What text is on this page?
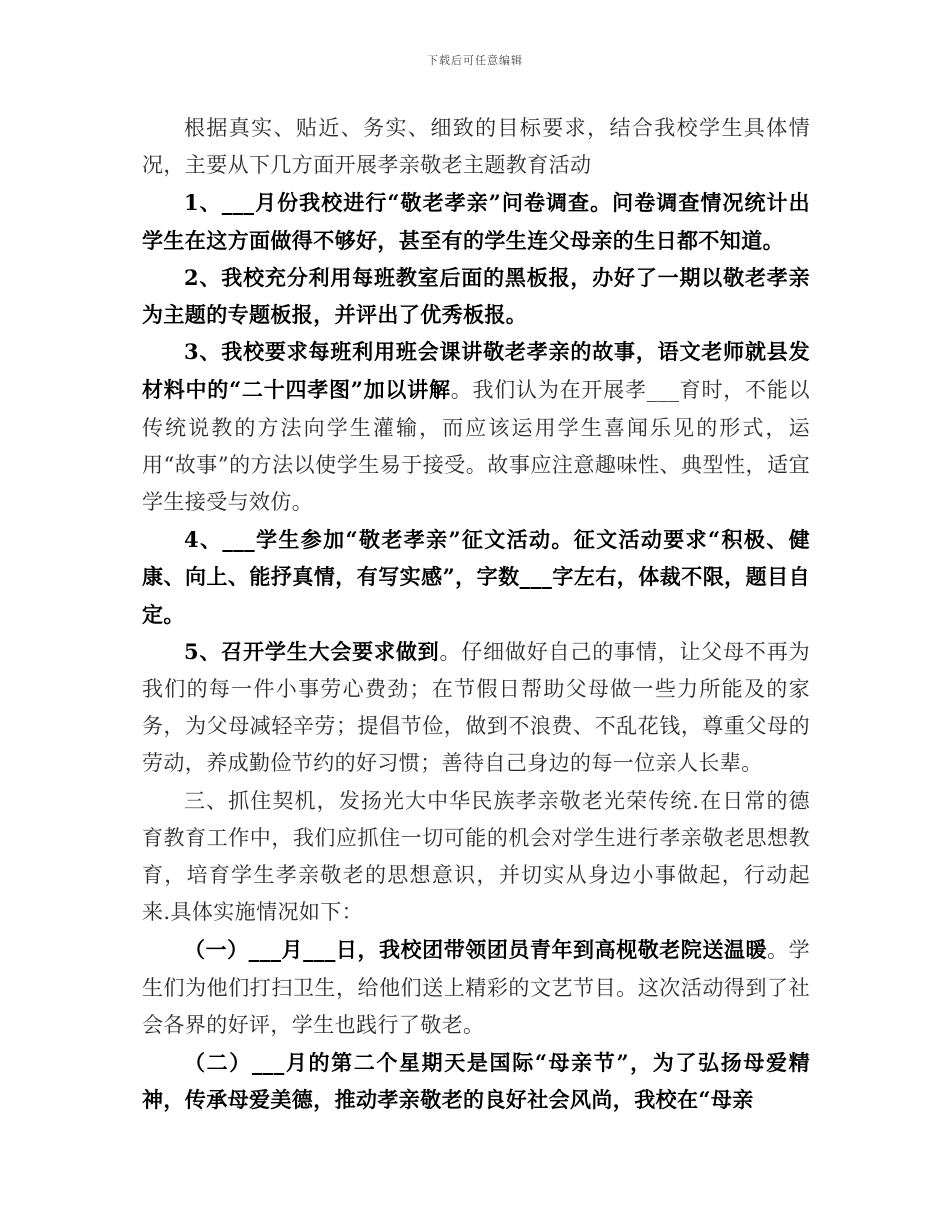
下载后可任意编辑

根据真实、贴近、务实、细致的目标要求，结合我校学生具体情况，主要从下几方面开展孝亲敬老主题教育活动

1、___月份我校进行“敬老孝亲”问卷调查。问卷调查情况统计出学生在这方面做得不够好，甚至有的学生连父母亲的生日都不知道。

2、我校充分利用每班教室后面的黑板报，办好了一期以敬老孝亲为主题的专题板报，并评出了优秀板报。

3、我校要求每班利用班会课讲敬老孝亲的故事，语文老师就县发材料中的“二十四孝图”加以讲解。我们认为在开展孝___育时，不能以传统说教的方法向学生灌输，而应该运用学生喜闻乐见的形式，运用“故事”的方法以使学生易于接受。故事应注意趣味性、典型性，适宜学生接受与效仿。

4、___学生参加“敬老孝亲”征文活动。征文活动要求“积极、健康、向上、能抒真情，有写实感”，字数___字左右，体裁不限，题目自定。

5、召开学生大会要求做到。仔细做好自己的事情，让父母不再为我们的每一件小事劳心费劲；在节假日帮助父母做一些力所能及的家务，为父母减轻辛劳；提倡节俭，做到不浪费、不乱花钱，尊重父母的劳动，养成勤俭节约的好习惯；善待自己身边的每一位亲人长辈。

三、抓住契机，发扬光大中华民族孝亲敬老光荣传统.在日常的德育教育工作中，我们应抓住一切可能的机会对学生进行孝亲敬老思想教育，培育学生孝亲敬老的思想意识，并切实从身边小事做起，行动起来.具体实施情况如下：

（一）___月___日，我校团带领团员青年到高枧敬老院送温暖。学生们为他们打扫卫生，给他们送上精彩的文艺节目。这次活动得到了社会各界的好评，学生也践行了敬老。

（二）___月的第二个星期天是国际“母亲节”，为了弘扬母爱精神，传承母爱美德，推动孝亲敬老的良好社会风尚，我校在“母亲
